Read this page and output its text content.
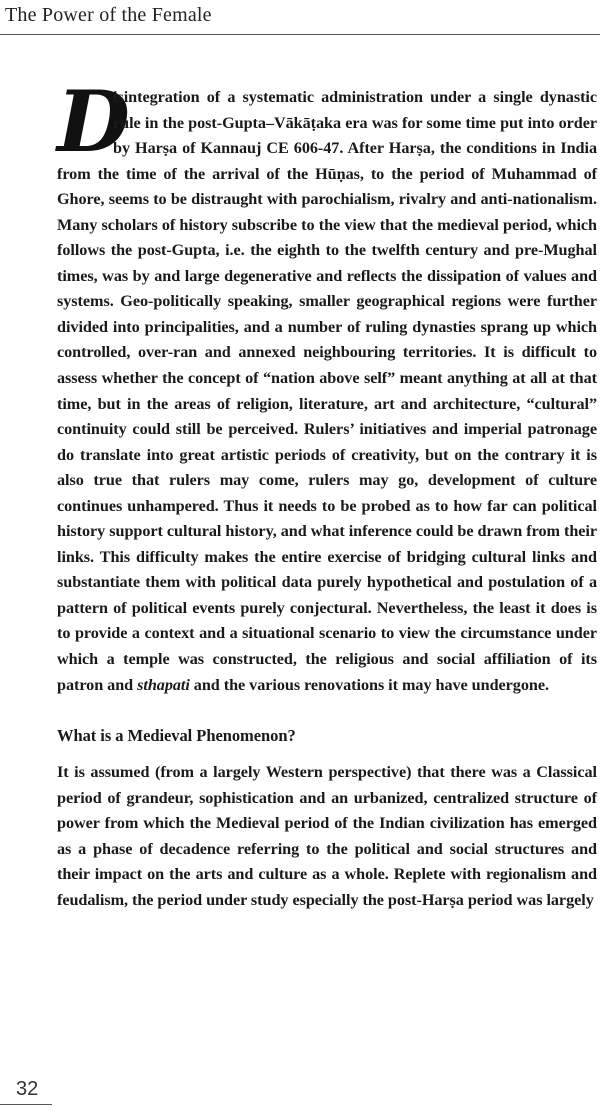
The Power of the Female

D
isintegration of a systematic administration under a single dynastic rule in the post-Gupta–Vākāṭaka era was for some time put into order by Harṣa of Kannauj CE 606-47. After Harṣa, the conditions in India from the time of the arrival of the Hūṇas, to the period of Muhammad of Ghore, seems to be distraught with parochialism, rivalry and anti-nationalism. Many scholars of history subscribe to the view that the medieval period, which follows the post-Gupta, i.e. the eighth to the twelfth century and pre-Mughal times, was by and large degenerative and reflects the dissipation of values and systems. Geo-politically speaking, smaller geographical regions were further divided into principalities, and a number of ruling dynasties sprang up which controlled, over-ran and annexed neighbouring territories. It is difficult to assess whether the concept of “nation above self” meant anything at all at that time, but in the areas of religion, literature, art and architecture, “cultural” continuity could still be perceived. Rulers’ initiatives and imperial patronage do translate into great artistic periods of creativity, but on the contrary it is also true that rulers may come, rulers may go, development of culture continues unhampered. Thus it needs to be probed as to how far can political history support cultural history, and what inference could be drawn from their links. This difficulty makes the entire exercise of bridging cultural links and substantiate them with political data purely hypothetical and postulation of a pattern of political events purely conjectural. Nevertheless, the least it does is to provide a context and a situational scenario to view the circumstance under which a temple was constructed, the religious and social affiliation of its patron and sthapati and the various renovations it may have undergone.

What is a Medieval Phenomenon?

It is assumed (from a largely Western perspective) that there was a Classical period of grandeur, sophistication and an urbanized, centralized structure of power from which the Medieval period of the Indian civilization has emerged as a phase of decadence referring to the political and social structures and their impact on the arts and culture as a whole. Replete with regionalism and feudalism, the period under study especially the post-Harṣa period was largely

32
